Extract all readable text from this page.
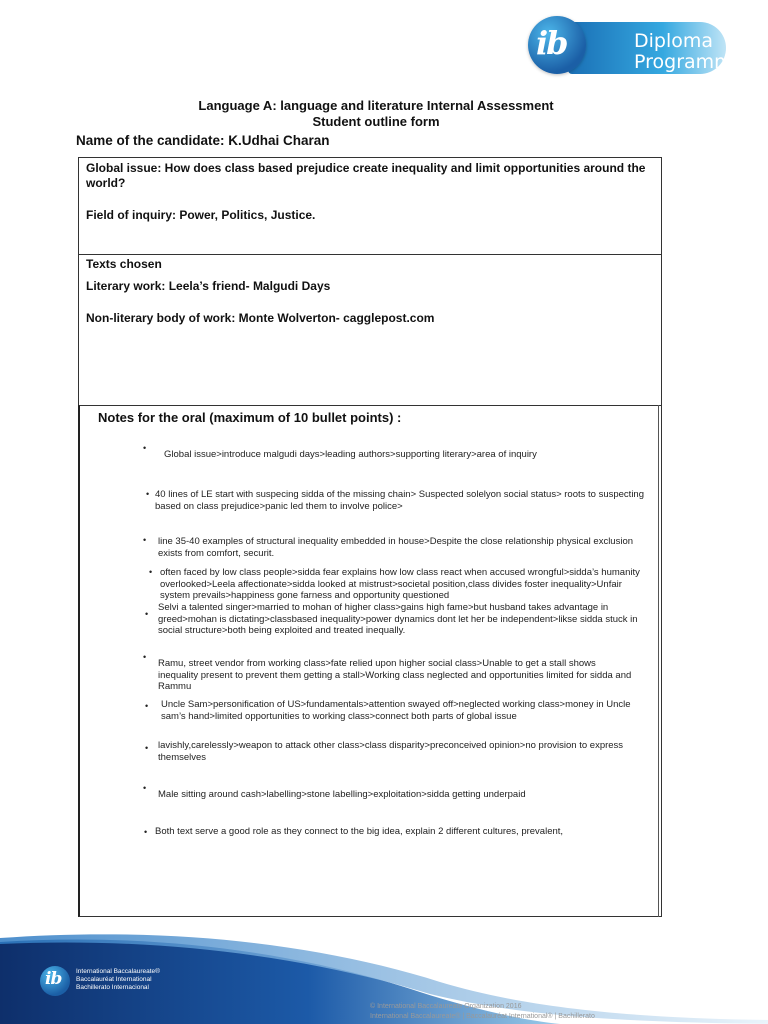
Diploma
Programme
ib
Language A: language and literature Internal Assessment
Student outline form
Name of the candidate: K.Udhai Charan
Global issue: How does class based prejudice create inequality and limit opportunities around the world?
Field of inquiry: Power, Politics, Justice.
Texts chosen
Literary work: Leela’s friend- Malgudi Days
Non-literary body of work: Monte Wolverton- cagglepost.com
Notes for the oral (maximum of 10 bullet points) :
•
•
•
•
•
•
•
•
•
•
Global issue>introduce malgudi days>leading authors>supporting literary>area of inquiry
40 lines of LE start with suspecing sidda of the missing chain> Suspected solelyon social status> roots to suspecting based on class prejudice>panic led them to involve police>
line 35-40 examples of structural inequality embedded in house>Despite the close relationship physical exclusion exists from comfort, securit.
often faced by low class people>sidda fear explains how low class react when accused wrongful>sidda’s humanity overlooked>Leela affectionate>sidda looked at mistrust>societal position,class divides foster inequality>Unfair system prevails>happiness gone farness and opportunity questioned
Selvi a talented singer>married to mohan of higher class>gains high fame>but husband takes advantage in greed>mohan is dictating>classbased inequality>power dynamics dont let her be independent>likse sidda stuck in social structure>both being exploited and treated inequally.
Ramu, street vendor from working class>fate relied upon higher social class>Unable to get a stall shows inequality present to prevent them getting a stall>Working class neglected and opportunities limited for sidda and Rammu
Uncle Sam>personification of US>fundamentals>attention swayed off>neglected working class>money in Uncle sam’s hand>limited opportunities to working class>connect both parts of global issue
lavishly,carelessly>weapon to attack other class>class disparity>preconceived opinion>no provision to express themselves
Male sitting around cash>labelling>stone labelling>exploitation>sidda getting underpaid
Both text serve a good role as they connect to the big idea, explain 2 different cultures, prevalent,
ib International Baccalaureate®
Baccalauréat International
Bachillerato Internacional
© International Baccalaureate Organization 2016
International Baccalaureate® | Baccalauréat International® | Bachillerato
